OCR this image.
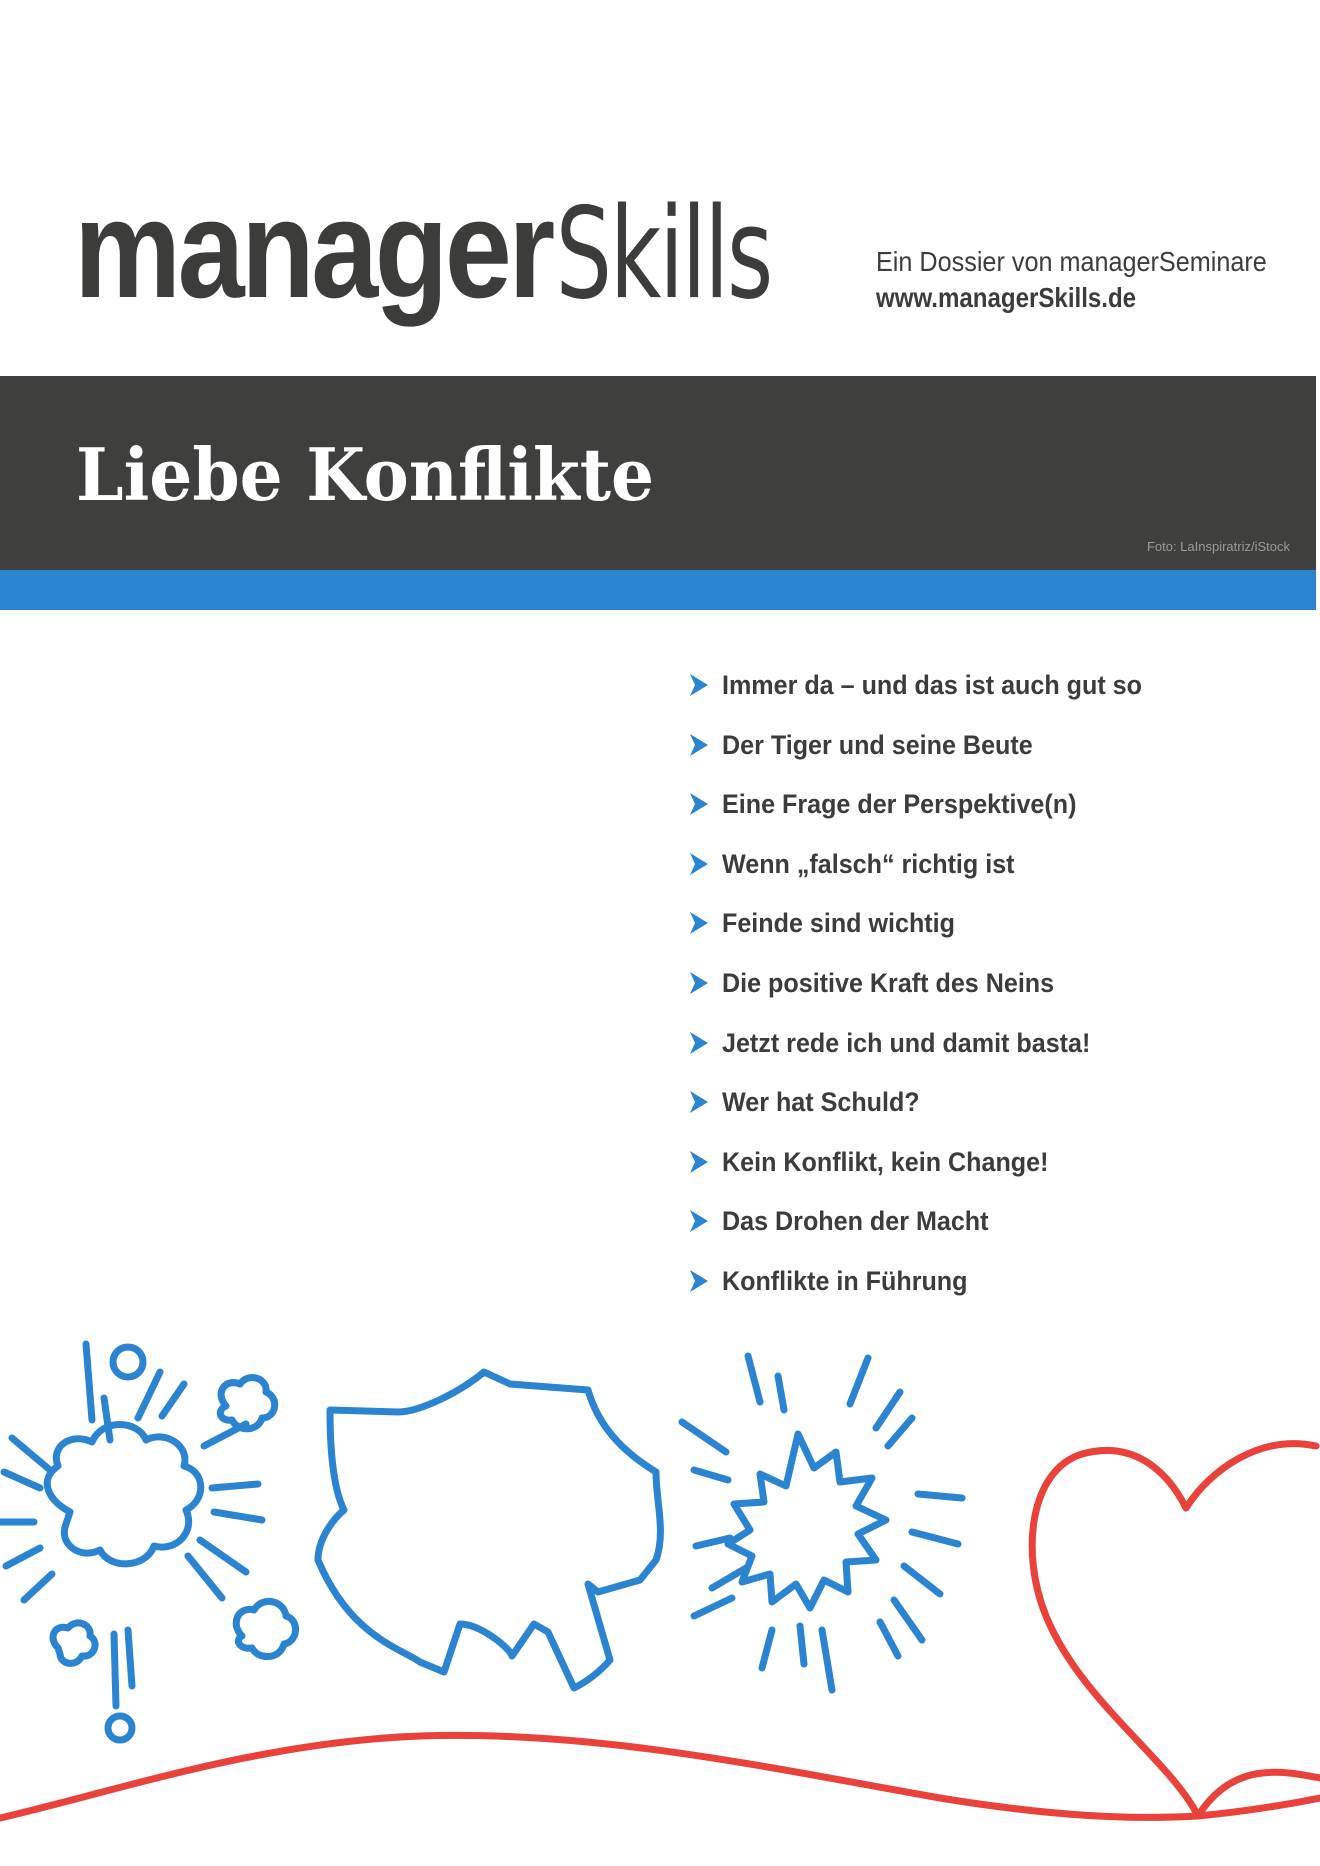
manager Skills	Ein Dossier von managerSeminare
www.managerSkills.de
Liebe Konflikte
Foto: LaInspiratriz/iStock
Immer da – und das ist auch gut so
Der Tiger und seine Beute
Eine Frage der Perspektive(n)
Wenn „falsch“ richtig ist
Feinde sind wichtig
Die positive Kraft des Neins
Jetzt rede ich und damit basta!
Wer hat Schuld?
Kein Konflikt, kein Change!
Das Drohen der Macht
Konflikte in Führung
